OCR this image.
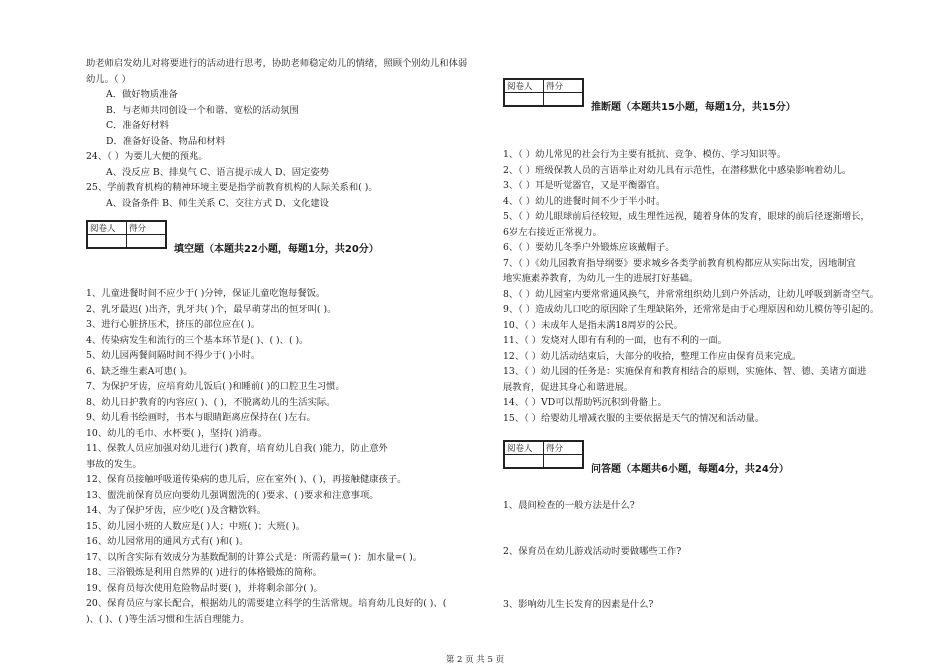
助老师启发幼儿对将要进行的活动进行思考，协助老师稳定幼儿的情绪，照顾个别幼儿和体弱
幼儿。（ ）
A．做好物质准备
B．与老师共同创设一个和谐、宽松的活动氛围
C．准备好材料
D．准备好设备、物品和材料
24、（ ）为要儿大便的预兆。
A、没反应 B、排臭气 C、语言提示成人 D、固定姿势
25、学前教育机构的精神环境主要是指学前教育机构的人际关系和( )。
A、设备条件 B、师生关系 C、交往方式 D、文化建设
阅卷人	得分

填空题（本题共22小题，每题1分，共20分）
1、儿童进餐时间不应少于( )分钟，保证儿童吃饱每餐饭。
2、乳牙最迟( )出齐，乳牙共( )个，最早萌芽出的恒牙叫( )。
3、进行心脏挤压术，挤压的部位应在( )。
4、传染病发生和流行的三个基本环节是( )、( )、( )。
5、幼儿园两餐间隔时间不得少于( )小时。
6、缺乏维生素A可患( )。
7、为保护牙齿，应培育幼儿饭后( )和睡前( )的口腔卫生习惯。
8、幼儿日护教育的内容应( )、( )，不脱离幼儿的生活实际。
9、幼儿看书绘画时，书本与眼睛距离应保持在( )左右。
10、幼儿的毛巾、水杯要( )，坚持( )消毒。
11、保教人员应加强对幼儿进行( )教育，培育幼儿自我( )能力，防止意外
事故的发生。
12、保育员接触呼吸道传染病的患儿后，应在室外( )、( )，再接触健康孩子。
13、盥洗前保育员应向要幼儿强调盥洗的( )要求、( )要求和注意事项。
14、为了保护牙齿，应少吃( )及含糖饮料。
15、幼儿园小班的人数应是( )人；中班( )；大班( )。
16、幼儿园常用的通风方式有( )和( )。
17、以所含实际有效成分为基数配制的计算公式是：所需药量=( )：加水量=( )。
18、三浴锻炼是利用自然界的( )进行的体格锻炼的简称。
19、保育员每次使用危险物品时要( )，并将剩余部分( )。
20、保育员应与家长配合，根据幼儿的需要建立科学的生活常规。培育幼儿良好的( )、(
)、( )、( )等生活习惯和生活自理能力。
阅卷人	得分

推断题（本题共15小题，每题1分，共15分）
1、（ ）幼儿常见的社会行为主要有抵抗、竞争、模仿、学习知识等。
2、（ ）班级保教人员的言语举止对幼儿具有示范性，在潜移默化中感染影响着幼儿。
3、（ ）耳是听觉器官，又是平衡器官。
4、（ ）幼儿的进餐时间不少于半小时。
5、（ ）幼儿眼球前后径较短，成生理性远视，随着身体的发育，眼球的前后径逐渐增长，
6岁左右接近正常视力。
6、（ ）要幼儿冬季户外锻炼应该戴帽子。
7、（ ）《幼儿园教育指导纲要》要求城乡各类学前教育机构都应从实际出发，因地制宜
地实施素养教育，为幼儿一生的进展打好基础。
8、（ ）幼儿园室内要常常通风换气，并常常组织幼儿到户外活动，让幼儿呼吸到新奇空气。
9、（ ）造成幼儿口吃的原因除了生理缺陷外，还常常是由于心理原因和幼儿模仿等引起的。
10、（ ）未成年人是指未满18周岁的公民。
11、（ ）发烧对人即有有利的一面，也有不利的一面。
12、（ ）幼儿活动结束后，大部分的收拾，整理工作应由保育员来完成。
13、（ ）幼儿园的任务是：实施保育和教育相结合的原则，实施体、智、德、美诸方面进
展教育，促进其身心和谐进展。
14、（ ）VD可以帮助钙沉积到骨骼上。
15、（ ）给婴幼儿增减衣服的主要依据是天气的情况和活动量。
阅卷人	得分

问答题（本题共6小题，每题4分，共24分）
1、晨间检查的一般方法是什么?
2、保育员在幼儿游戏活动时要做哪些工作?
3、影响幼儿生长发育的因素是什么?
第 2 页 共 5 页
